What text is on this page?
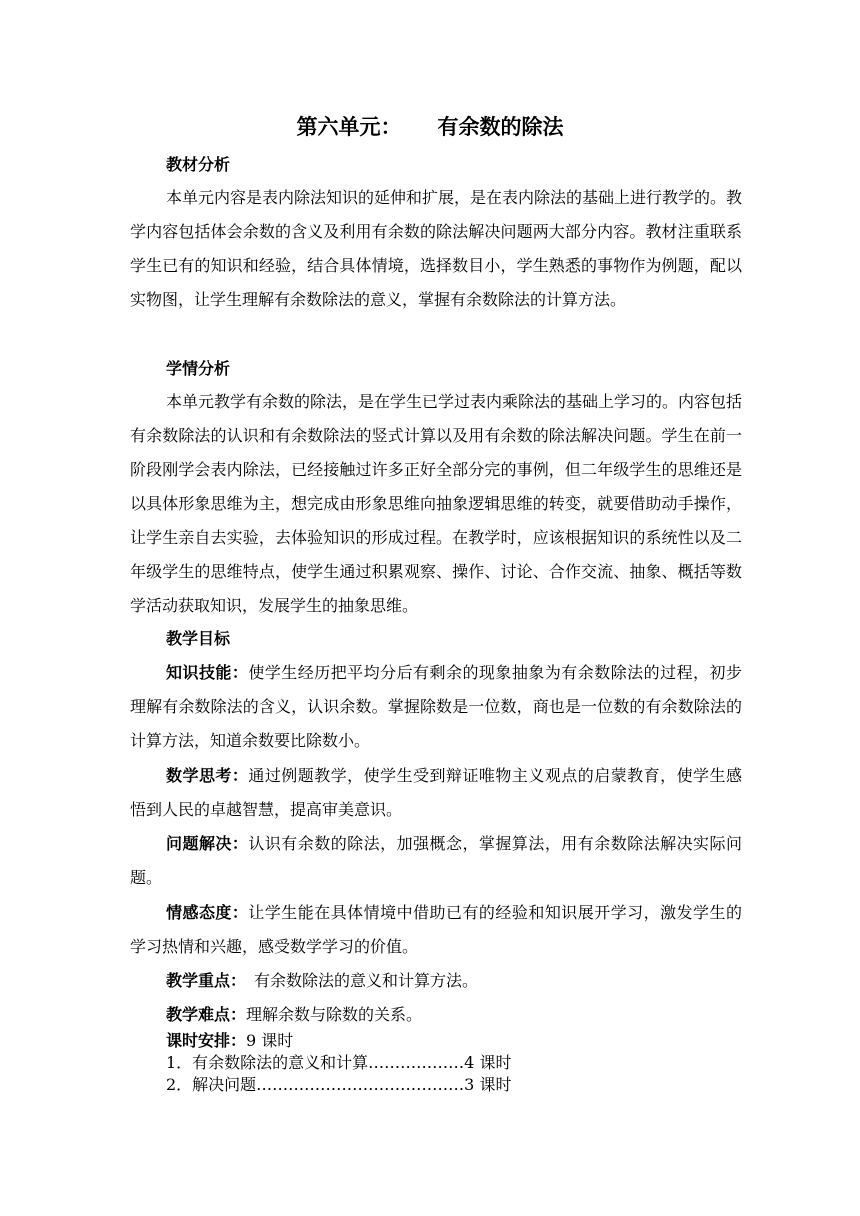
第六单元： 有余数的除法
教材分析
本单元内容是表内除法知识的延伸和扩展，是在表内除法的基础上进行教学的。教学内容包括体会余数的含义及利用有余数的除法解决问题两大部分内容。教材注重联系学生已有的知识和经验，结合具体情境，选择数目小，学生熟悉的事物作为例题，配以实物图，让学生理解有余数除法的意义，掌握有余数除法的计算方法。
学情分析
本单元教学有余数的除法，是在学生已学过表内乘除法的基础上学习的。内容包括有余数除法的认识和有余数除法的竖式计算以及用有余数的除法解决问题。学生在前一阶段刚学会表内除法，已经接触过许多正好全部分完的事例，但二年级学生的思维还是以具体形象思维为主，想完成由形象思维向抽象逻辑思维的转变，就要借助动手操作，让学生亲自去实验，去体验知识的形成过程。在教学时，应该根据知识的系统性以及二年级学生的思维特点，使学生通过积累观察、操作、讨论、合作交流、抽象、概括等数学活动获取知识，发展学生的抽象思维。
教学目标
知识技能：使学生经历把平均分后有剩余的现象抽象为有余数除法的过程，初步理解有余数除法的含义，认识余数。掌握除数是一位数，商也是一位数的有余数除法的计算方法，知道余数要比除数小。
数学思考：通过例题教学，使学生受到辩证唯物主义观点的启蒙教育，使学生感悟到人民的卓越智慧，提高审美意识。
问题解决：认识有余数的除法，加强概念，掌握算法，用有余数除法解决实际问题。
情感态度：让学生能在具体情境中借助已有的经验和知识展开学习，激发学生的学习热情和兴趣，感受数学学习的价值。
教学重点：　有余数除法的意义和计算方法。
教学难点：理解余数与除数的关系。
课时安排：9 课时
1．有余数除法的意义和计算………………4 课时
2．解决问题…………………………………3 课时
